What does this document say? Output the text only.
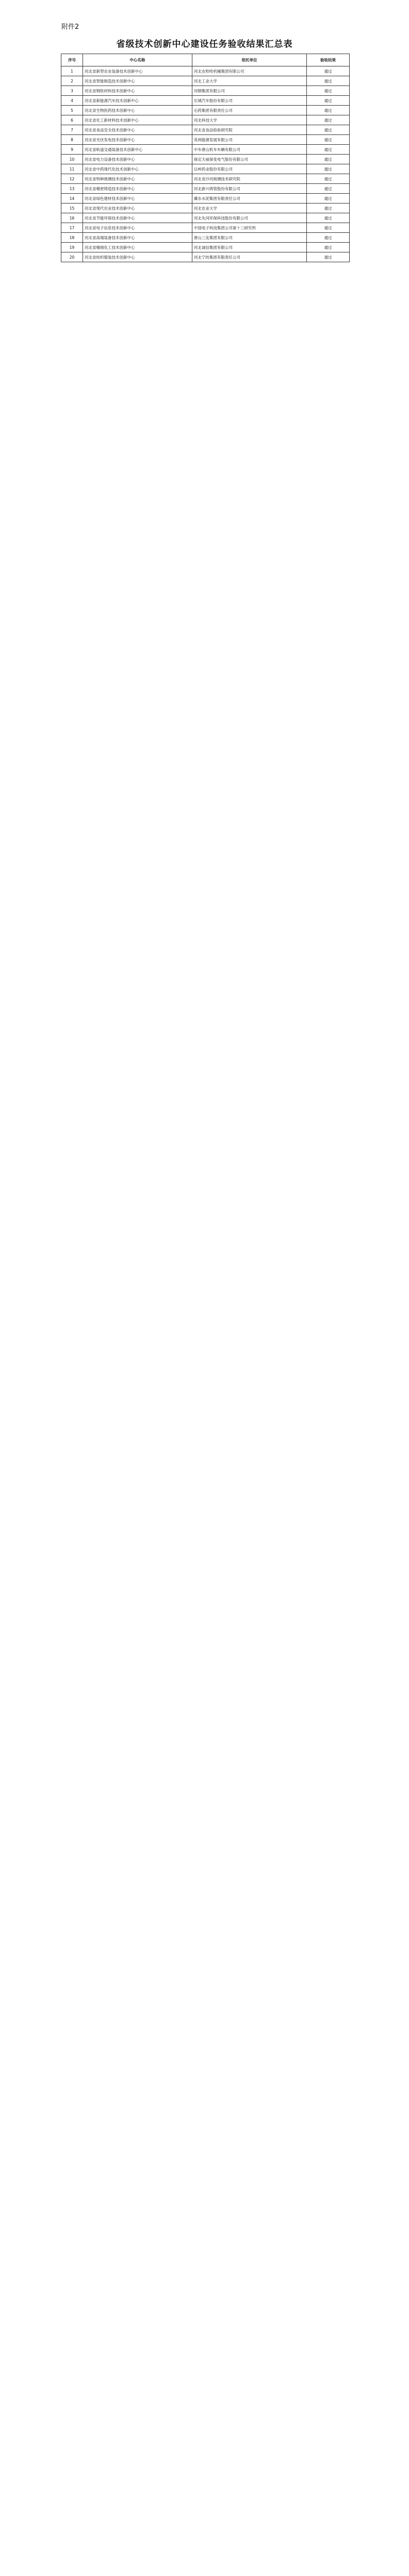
附件2
省级技术创新中心建设任务验收结果汇总表
序号	中心名称	依托单位	验收结果
1	河北省新型农业装备技术创新中心	河北农哈哈机械集团有限公司	通过
2	河北省智能制造技术创新中心	河北工业大学	通过
3	河北省钢铁材料技术创新中心	河钢集团有限公司	通过
4	河北省新能源汽车技术创新中心	长城汽车股份有限公司	通过
5	河北省生物医药技术创新中心	石药集团有限责任公司	通过
6	河北省化工新材料技术创新中心	河北科技大学	通过
7	河北省食品安全技术创新中心	河北省食品检验研究院	通过
8	河北省光伏发电技术创新中心	英利能源发展有限公司	通过
9	河北省轨道交通装备技术创新中心	中车唐山机车车辆有限公司	通过
10	河北省电力设备技术创新中心	保定天威保变电气股份有限公司	通过
11	河北省中药现代化技术创新中心	以岭药业股份有限公司	通过
12	河北省特种玻璃技术创新中心	河北省沙河玻璃技术研究院	通过
13	河北省精密铸造技术创新中心	河北新兴铸管股份有限公司	通过
14	河北省绿色建材技术创新中心	冀东水泥集团有限责任公司	通过
15	河北省现代农业技术创新中心	河北农业大学	通过
16	河北省节能环保技术创新中心	河北先河环保科技股份有限公司	通过
17	河北省电子信息技术创新中心	中国电子科技集团公司第十三研究所	通过
18	河北省高端装备技术创新中心	唐山三友集团有限公司	通过
19	河北省精细化工技术创新中心	河北诚信集团有限公司	通过
20	河北省纺织服装技术创新中心	河北宁纺集团有限责任公司	通过
